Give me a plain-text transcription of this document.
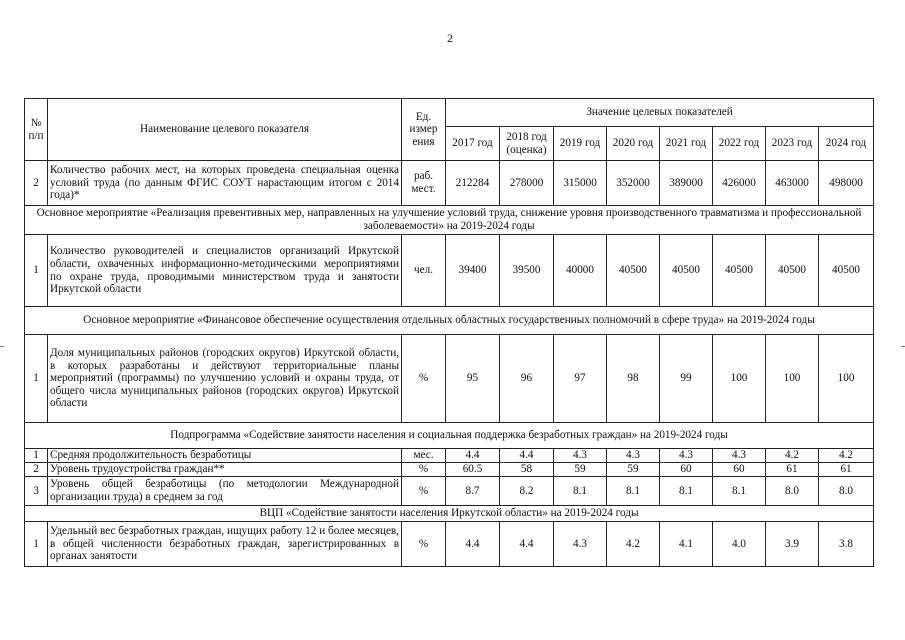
2
№ п/п	Наименование целевого показателя	Ед. измер ения	Значение целевых показателей							
			2017 год	2018 год (оценка)	2019 год	2020 год	2021 год	2022 год	2023 год	2024 год
2	Количество рабочих мест, на которых проведена специальная оценка условий труда (по данным ФГИС СОУТ нарастающим итогом с 2014 года)*	раб. мест.	212284	278000	315000	352000	389000	426000	463000	498000
Основное мероприятие «Реализация превентивных мер, направленных на улучшение условий труда, снижение уровня производственного травматизма и профессиональной заболеваемости» на 2019-2024 годы										
1	Количество руководителей и специалистов организаций Иркутской области, охваченных информационно-методическими мероприятиями по охране труда, проводимыми министерством труда и занятости Иркутской области	чел.	39400	39500	40000	40500	40500	40500	40500	40500
Основное мероприятие «Финансовое обеспечение осуществления отдельных областных государственных полномочий в сфере труда» на 2019-2024 годы										
1	Доля муниципальных районов (городских округов) Иркутской области, в которых разработаны и действуют территориальные планы мероприятий (программы) по улучшению условий и охраны труда, от общего числа муниципальных районов (городских округов) Иркутской области	%	95	96	97	98	99	100	100	100
Подпрограмма «Содействие занятости населения и социальная поддержка безработных граждан» на 2019-2024 годы										
1	Средняя продолжительность безработицы	мес.	4.4	4.4	4.3	4.3	4.3	4.3	4.2	4.2
2	Уровень трудоустройства граждан**	%	60.5	58	59	59	60	60	61	61
3	Уровень общей безработицы (по методологии Международной организации труда) в среднем за год	%	8.7	8.2	8.1	8.1	8.1	8.1	8.0	8.0
ВЦП «Содействие занятости населения Иркутской области» на 2019-2024 годы										
1	Удельный вес безработных граждан, ищущих работу 12 и более месяцев, в общей численности безработных граждан, зарегистрированных в органах занятости	%	4.4	4.4	4.3	4.2	4.1	4.0	3.9	3.8
